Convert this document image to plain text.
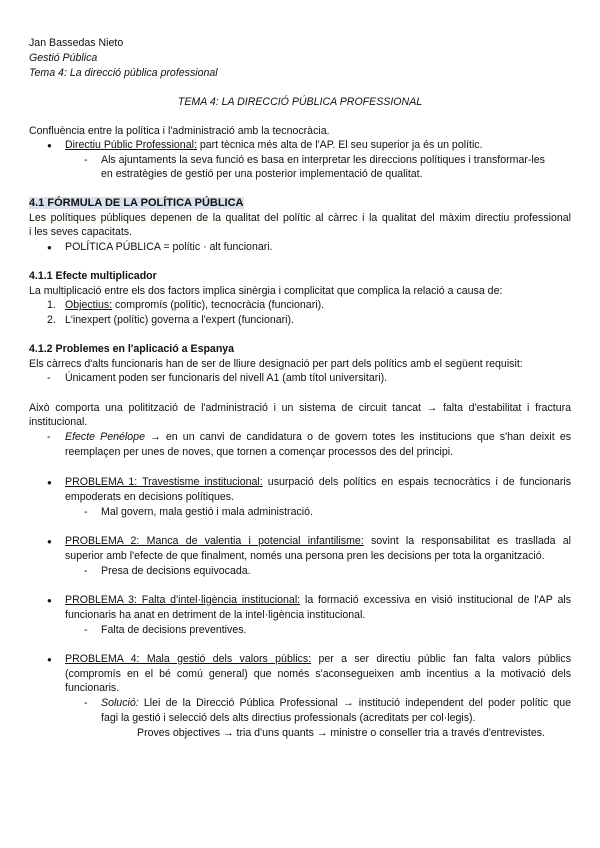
Jan Bassedas Nieto
Gestió Pública
Tema 4: La direcció pública professional
TEMA 4: LA DIRECCIÓ PÚBLICA PROFESSIONAL
Confluència entre la política i l'administració amb la tecnocràcia.
● Directiu Públic Professional: part tècnica més alta de l'AP. El seu superior ja és un polític.
- Als ajuntaments la seva funció es basa en interpretar les direccions polítiques i transformar-les
en estratègies de gestió per una posterior implementació de qualitat.
4.1 FÓRMULA DE LA POLÍTICA PÚBLICA
Les polítiques públiques depenen de la qualitat del polític al càrrec i la qualitat del màxim directiu professional
i les seves capacitats.
● POLÍTICA PÚBLICA = polític · alt funcionari.
4.1.1 Efecte multiplicador
La multiplicació entre els dos factors implica sinèrgia i complicitat que complica la relació a causa de:
1. Objectius: compromís (polític), tecnocràcia (funcionari).
2. L'inexpert (polític) governa a l'expert (funcionari).
4.1.2 Problemes en l'aplicació a Espanya
Els càrrecs d'alts funcionaris han de ser de lliure designació per part dels polítics amb el següent requisit:
- Únicament poden ser funcionaris del nivell A1 (amb títol universitari).
Això comporta una politització de l'administració i un sistema de circuit tancat → falta d'estabilitat i fractura
institucional.
- Efecte Penélope → en un canvi de candidatura o de govern totes les institucions que s'han deixit es
reemplaçen per unes de noves, que tornen a començar processos des del principi.
● PROBLEMA 1: Travestisme institucional: usurpació dels polítics en espais tecnocràtics i de funcionaris
empoderats en decisions polítiques.
- Mal govern, mala gestió i mala administració.
● PROBLEMA 2: Manca de valentia i potencial infantilisme: sovint la responsabilitat es trasllada al
superior amb l'efecte de que finalment, només una persona pren les decisions per tota la organització.
- Presa de decisions equivocada.
● PROBLEMA 3: Falta d'intel·ligència institucional: la formació excessiva en visió institucional de l'AP als
funcionaris ha anat en detriment de la intel·ligència institucional.
- Falta de decisions preventives.
● PROBLEMA 4: Mala gestió dels valors públics: per a ser directiu públic fan falta valors públics
(compromís en el bé comú general) que només s'aconsegueixen amb incentius a la motivació dels
funcionaris.
- Solució: Llei de la Direcció Pública Professional → institució independent del poder polític que
fagi la gestió i selecció dels alts directius professionals (acreditats per col·legis).
Proves objectives → tria d'uns quants → ministre o conseller tria a través d'entrevistes.
